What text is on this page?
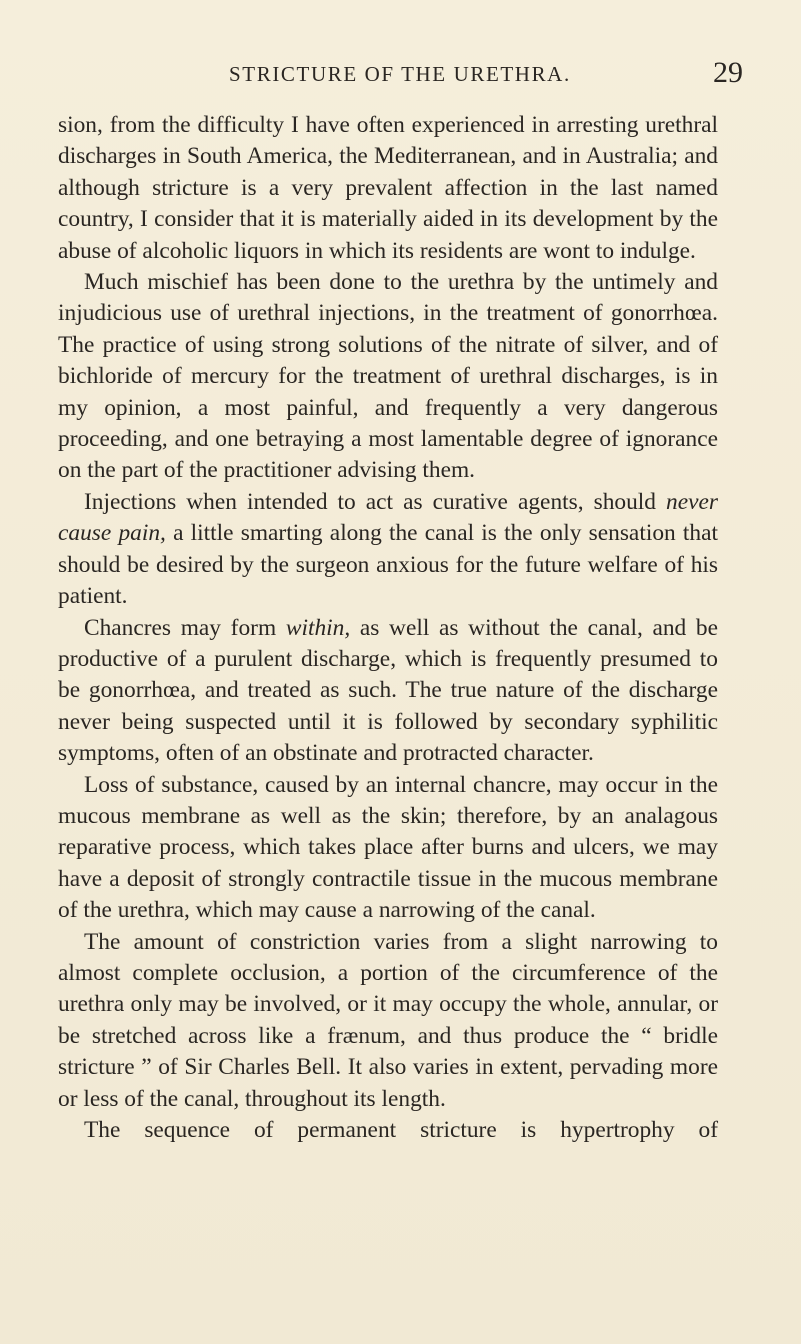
STRICTURE OF THE URETHRA.	29

sion, from the difficulty I have often experienced in arresting urethral discharges in South America, the Mediterranean, and in Australia; and although stricture is a very prevalent affection in the last named country, I consider that it is materially aided in its development by the abuse of alcoholic liquors in which its residents are wont to indulge.

Much mischief has been done to the urethra by the untimely and injudicious use of urethral injections, in the treatment of gonorrhœa. The practice of using strong solutions of the nitrate of silver, and of bichloride of mercury for the treatment of urethral discharges, is in my opinion, a most painful, and frequently a very dangerous proceeding, and one betraying a most lamentable degree of ignorance on the part of the practitioner advising them.

Injections when intended to act as curative agents, should never cause pain, a little smarting along the canal is the only sensation that should be desired by the surgeon anxious for the future welfare of his patient.

Chancres may form within, as well as without the canal, and be productive of a purulent discharge, which is frequently presumed to be gonorrhœa, and treated as such. The true nature of the discharge never being suspected until it is followed by secondary syphilitic symptoms, often of an obstinate and protracted character.

Loss of substance, caused by an internal chancre, may occur in the mucous membrane as well as the skin; therefore, by an analagous reparative process, which takes place after burns and ulcers, we may have a deposit of strongly contractile tissue in the mucous membrane of the urethra, which may cause a narrowing of the canal.

The amount of constriction varies from a slight narrowing to almost complete occlusion, a portion of the circumference of the urethra only may be involved, or it may occupy the whole, annular, or be stretched across like a frænum, and thus produce the “ bridle stricture ” of Sir Charles Bell. It also varies in extent, pervading more or less of the canal, throughout its length.

The sequence of permanent stricture is hypertrophy of
